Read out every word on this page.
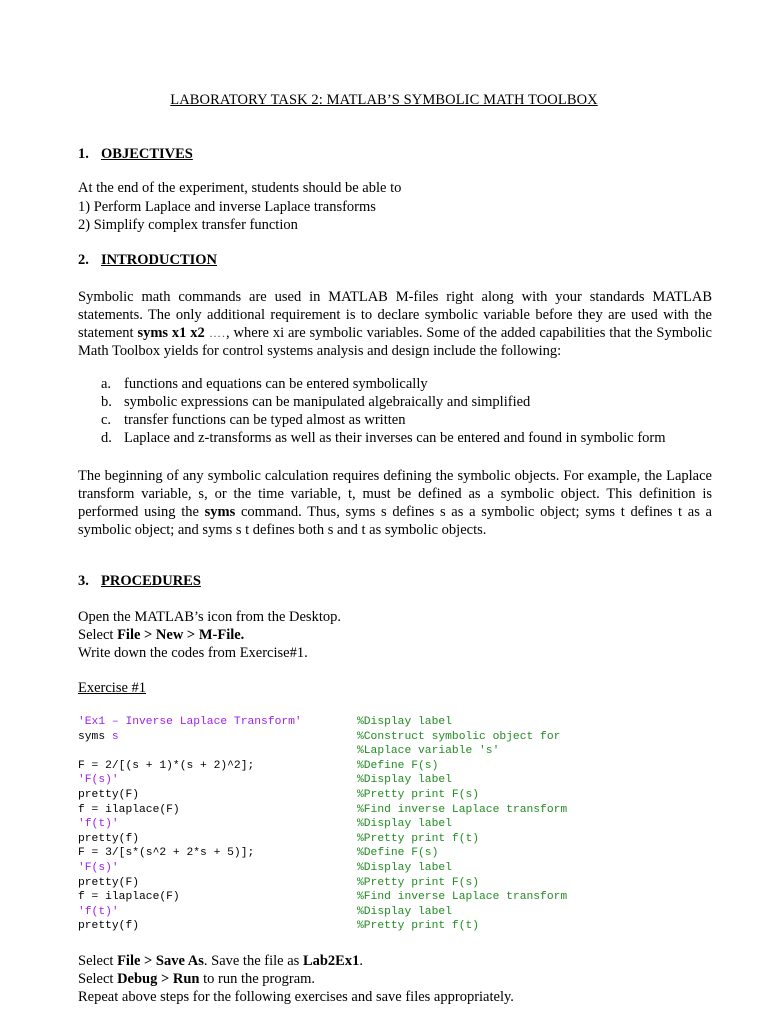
LABORATORY TASK 2: MATLAB’S SYMBOLIC MATH TOOLBOX
1. OBJECTIVES
At the end of the experiment, students should be able to
1) Perform Laplace and inverse Laplace transforms
2) Simplify complex transfer function
2. INTRODUCTION
Symbolic math commands are used in MATLAB M-files right along with your standards MATLAB statements. The only additional requirement is to declare symbolic variable before they are used with the statement syms x1 x2 …., where xi are symbolic variables. Some of the added capabilities that the Symbolic Math Toolbox yields for control systems analysis and design include the following:
a. functions and equations can be entered symbolically
b. symbolic expressions can be manipulated algebraically and simplified
c. transfer functions can be typed almost as written
d. Laplace and z-transforms as well as their inverses can be entered and found in symbolic form
The beginning of any symbolic calculation requires defining the symbolic objects. For example, the Laplace transform variable, s, or the time variable, t, must be defined as a symbolic object. This definition is performed using the syms command. Thus, syms s defines s as a symbolic object; syms t defines t as a symbolic object; and syms s t defines both s and t as symbolic objects.
3. PROCEDURES
Open the MATLAB’s icon from the Desktop.
Select File > New > M-File.
Write down the codes from Exercise#1.
Exercise #1
'Ex1 – Inverse Laplace Transform'
syms s
F = 2/[(s + 1)*(s + 2)^2];
'F(s)'
pretty(F)
f = ilaplace(F)
'f(t)'
pretty(f)
F = 3/[s*(s^2 + 2*s + 5)];
'F(s)'
pretty(F)
f = ilaplace(F)
'f(t)'
pretty(f)
%Display label
%Construct symbolic object for
%Laplace variable 's'
%Define F(s)
%Display label
%Pretty print F(s)
%Find inverse Laplace transform
%Display label
%Pretty print f(t)
%Define F(s)
%Display label
%Pretty print F(s)
%Find inverse Laplace transform
%Display label
%Pretty print f(t)
Select File > Save As. Save the file as Lab2Ex1.
Select Debug > Run to run the program.
Repeat above steps for the following exercises and save files appropriately.
